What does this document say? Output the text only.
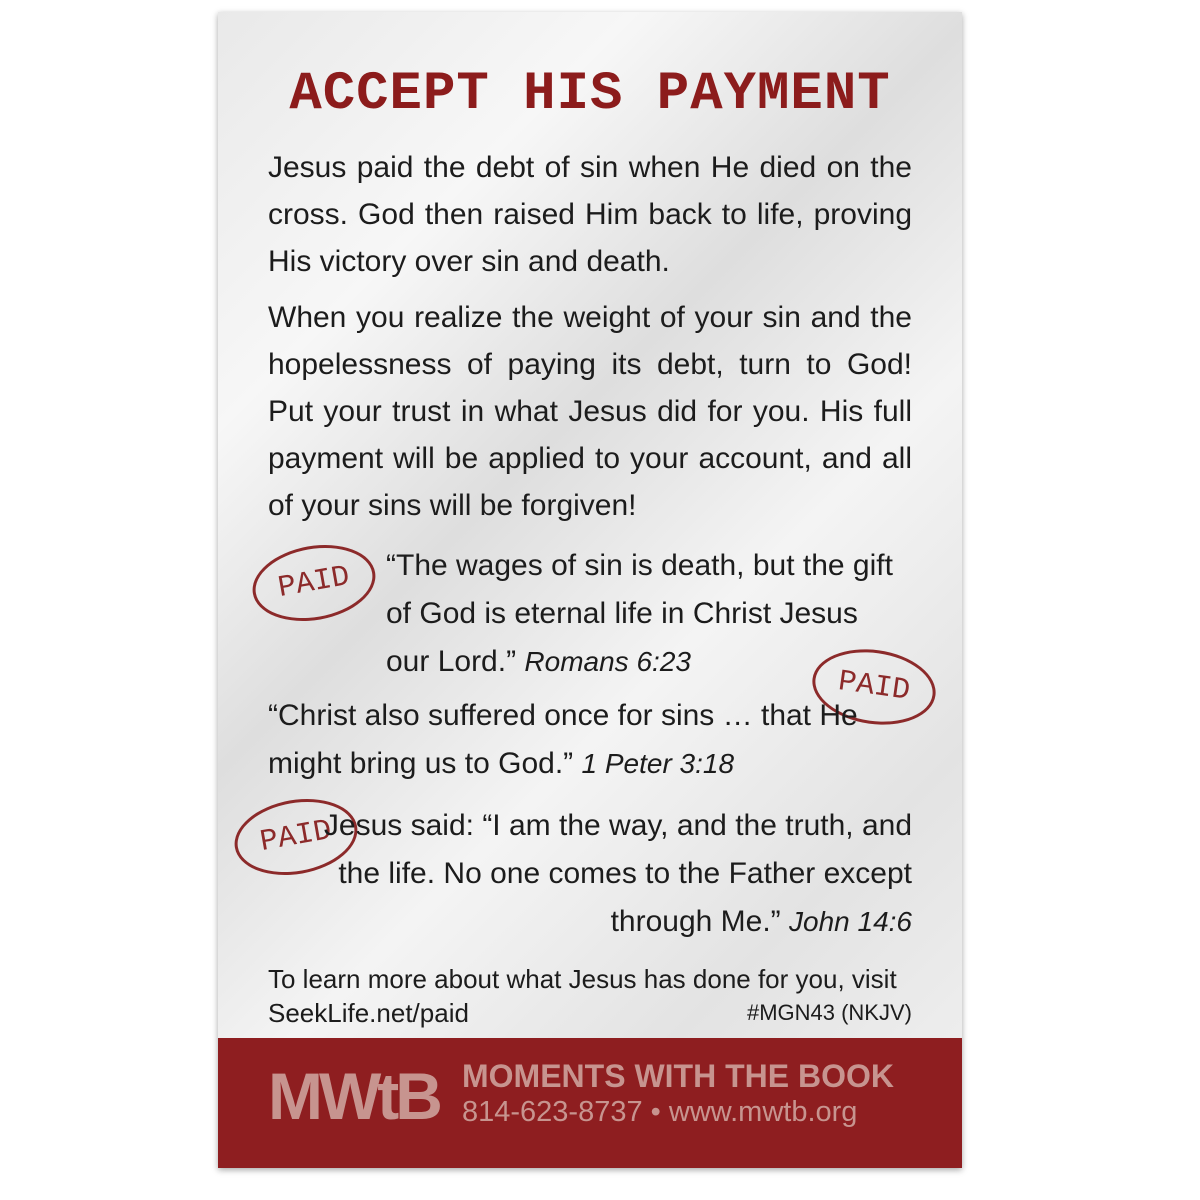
ACCEPT HIS PAYMENT

Jesus paid the debt of sin when He died on the cross. God then raised Him back to life, proving His victory over sin and death.

When you realize the weight of your sin and the hopelessness of paying its debt, turn to God! Put your trust in what Jesus did for you. His full payment will be applied to your account, and all of your sins will be forgiven!

PAID “The wages of sin is death, but the gift of God is eternal life in Christ Jesus our Lord.” Romans 6:23

PAID

“Christ also suffered once for sins … that He might bring us to God.” 1 Peter 3:18

PAID

Jesus said: “I am the way, and the truth, and the life. No one comes to the Father except through Me.” John 14:6

To learn more about what Jesus has done for you, visit
SeekLife.net/paid	#MGN43 (NKJV)
MWtB MOMENTS WITH THE BOOK
814-623-8737 • www.mwtb.org
